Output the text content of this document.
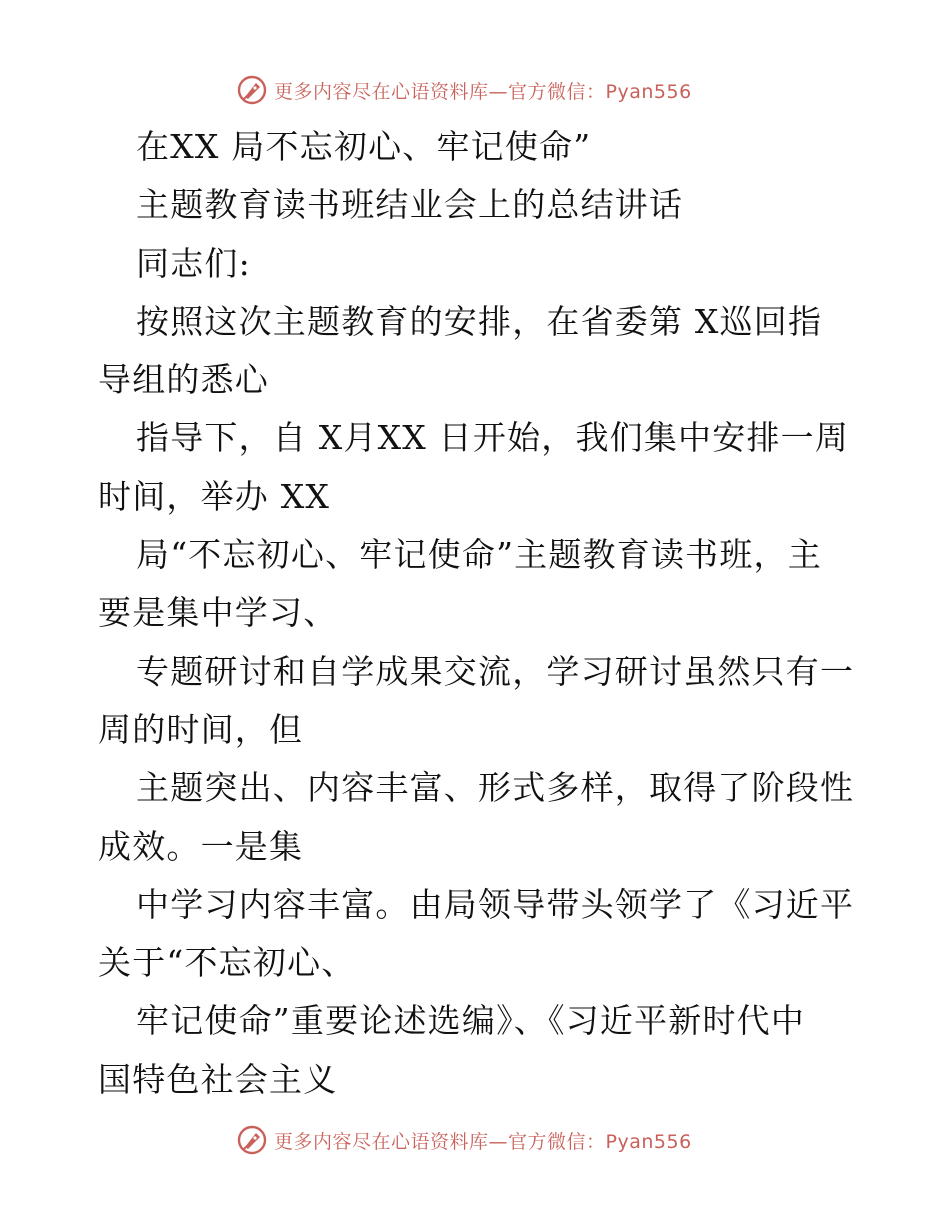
更多内容尽在心语资料库—官方微信：Pyan556
在XX 局不忘初心、牢记使命”
主题教育读书班结业会上的总结讲话
同志们:
按照这次主题教育的安排，在省委第 X巡回指
导组的悉心
指导下，自 X月XX 日开始，我们集中安排一周
时间，举办 XX
局“不忘初心、牢记使命”主题教育读书班，主
要是集中学习、
专题研讨和自学成果交流，学习研讨虽然只有一
周的时间，但
主题突出、内容丰富、形式多样，取得了阶段性
成效。一是集
中学习内容丰富。由局领导带头领学了《习近平
关于“不忘初心、
牢记使命”重要论述选编》、《习近平新时代中
国特色社会主义
更多内容尽在心语资料库—官方微信：Pyan556
